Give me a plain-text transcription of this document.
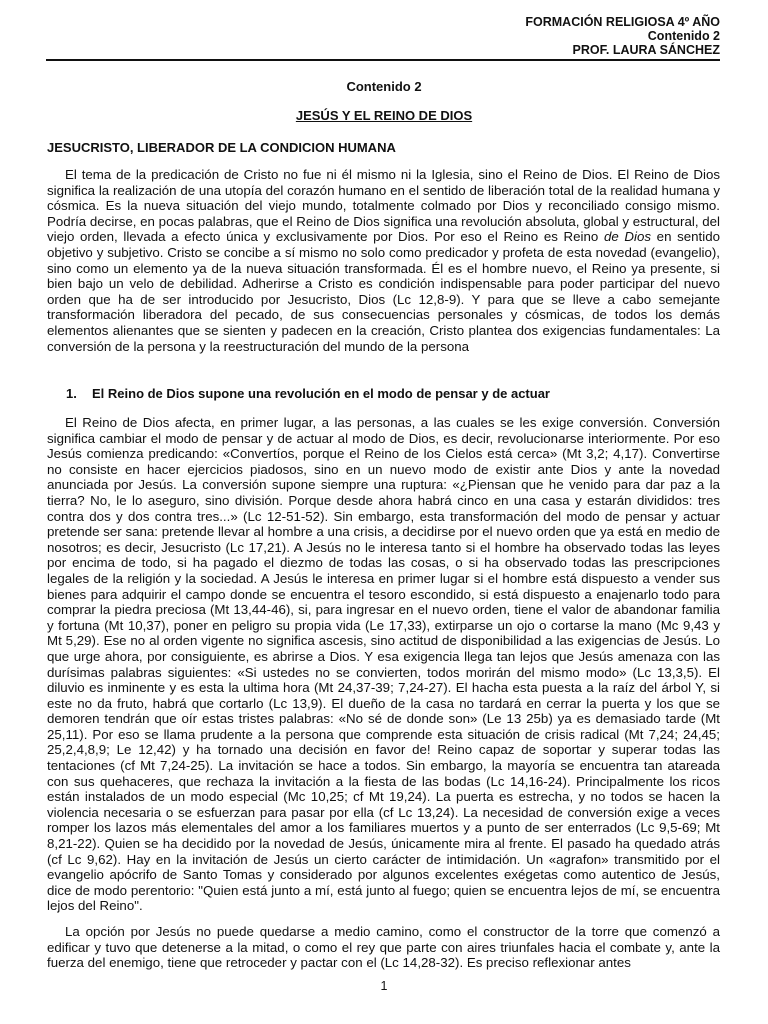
FORMACIÓN RELIGIOSA 4º AÑO
Contenido 2
PROF. LAURA SÁNCHEZ
Contenido 2
JESÚS Y EL REINO DE DIOS
JESUCRISTO, LIBERADOR DE LA CONDICION HUMANA

El tema de la predicación de Cristo no fue ni él mismo ni la Iglesia, sino el Reino de Dios. El Reino de Dios significa la realización de una utopía del corazón humano en el sentido de liberación total de la realidad humana y cósmica. Es la nueva situación del viejo mundo, totalmente colmado por Dios y reconciliado consigo mismo. Podría decirse, en pocas palabras, que el Reino de Dios significa una revolución absoluta, global y estructural, del viejo orden, llevada a efecto única y exclusivamente por Dios. Por eso el Reino es Reino de Dios en sentido objetivo y subjetivo. Cristo se concibe a sí mismo no solo como predicador y profeta de esta novedad (evangelio), sino como un elemento ya de la nueva situación transformada. Él es el hombre nuevo, el Reino ya presente, si bien bajo un velo de debilidad. Adherirse a Cristo es condición indispensable para poder participar del nuevo orden que ha de ser introducido por Jesucristo, Dios (Lc 12,8-9). Y para que se lleve a cabo semejante transformación liberadora del pecado, de sus consecuencias personales y cósmicas, de todos los demás elementos alienantes que se sienten y padecen en la creación, Cristo plantea dos exigencias fundamentales: La conversión de la persona y la reestructuración del mundo de la persona

1. El Reino de Dios supone una revolución en el modo de pensar y de actuar

El Reino de Dios afecta, en primer lugar, a las personas, a las cuales se les exige conversión. Conversión significa cambiar el modo de pensar y de actuar al modo de Dios, es decir, revolucionarse interiormente. Por eso Jesús comienza predicando: «Convertíos, porque el Reino de los Cielos está cerca» (Mt 3,2; 4,17). Convertirse no consiste en hacer ejercicios piadosos, sino en un nuevo modo de existir ante Dios y ante la novedad anunciada por Jesús. La conversión supone siempre una ruptura: «¿Piensan que he venido para dar paz a la tierra? No, le lo aseguro, sino división. Porque desde ahora habrá cinco en una casa y estarán divididos: tres contra dos y dos contra tres...» (Lc 12-51-52). Sin embargo, esta transformación del modo de pensar y actuar pretende ser sana: pretende llevar al hombre a una crisis, a decidirse por el nuevo orden que ya está en medio de nosotros; es decir, Jesucristo (Lc 17,21). A Jesús no le interesa tanto si el hombre ha observado todas las leyes por encima de todo, si ha pagado el diezmo de todas las cosas, o si ha observado todas las prescripciones legales de la religión y la sociedad. A Jesús le interesa en primer lugar si el hombre está dispuesto a vender sus bienes para adquirir el campo donde se encuentra el tesoro escondido, si está dispuesto a enajenarlo todo para comprar la piedra preciosa (Mt 13,44-46), si, para ingresar en el nuevo orden, tiene el valor de abandonar familia y fortuna (Mt 10,37), poner en peligro su propia vida (Le 17,33), extirparse un ojo o cortarse la mano (Mc 9,43 y Mt 5,29). Ese no al orden vigente no significa ascesis, sino actitud de disponibilidad a las exigencias de Jesús. Lo que urge ahora, por consiguiente, es abrirse a Dios. Y esa exigencia llega tan lejos que Jesús amenaza con las durísimas palabras siguientes: «Si ustedes no se convierten, todos morirán del mismo modo» (Lc 13,3,5). El diluvio es inminente y es esta la ultima hora (Mt 24,37-39; 7,24-27). El hacha esta puesta a la raíz del árbol Y, si este no da fruto, habrá que cortarlo (Lc 13,9). El dueño de la casa no tardará en cerrar la puerta y los que se demoren tendrán que oír estas tristes palabras: «No sé de donde son» (Le 13 25b) ya es demasiado tarde (Mt 25,11). Por eso se llama prudente a la persona que comprende esta situación de crisis radical (Mt 7,24; 24,45; 25,2,4,8,9; Le 12,42) y ha tornado una decisión en favor de! Reino capaz de soportar y superar todas las tentaciones (cf Mt 7,24-25). La invitación se hace a todos. Sin embargo, la mayoría se encuentra tan atareada con sus quehaceres, que rechaza la invitación a la fiesta de las bodas (Lc 14,16-24). Principalmente los ricos están instalados de un modo especial (Mc 10,25; cf Mt 19,24). La puerta es estrecha, y no todos se hacen la violencia necesaria o se esfuerzan para pasar por ella (cf Lc 13,24). La necesidad de conversión exige a veces romper los lazos más elementales del amor a los familiares muertos y a punto de ser enterrados (Lc 9,5-69; Mt 8,21-22). Quien se ha decidido por la novedad de Jesús, únicamente mira al frente. El pasado ha quedado atrás (cf Lc 9,62). Hay en la invitación de Jesús un cierto carácter de intimidación. Un «agrafon» transmitido por el evangelio apócrifo de Santo Tomas y considerado por algunos excelentes exégetas como autentico de Jesús, dice de modo perentorio: "Quien está junto a mí, está junto al fuego; quien se encuentra lejos de mí, se encuentra lejos del Reino".

La opción por Jesús no puede quedarse a medio camino, como el constructor de la torre que comenzó a edificar y tuvo que detenerse a la mitad, o como el rey que parte con aires triunfales hacia el combate y, ante la fuerza del enemigo, tiene que retroceder y pactar con el (Lc 14,28-32). Es preciso reflexionar antes

1
